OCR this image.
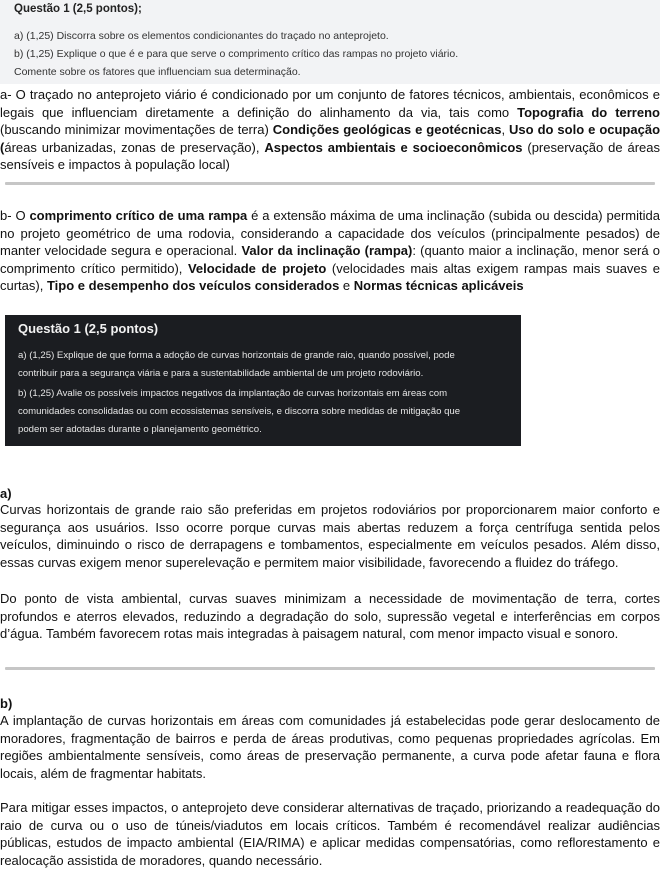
Questão 1 (2,5 pontos);
a) (1,25) Discorra sobre os elementos condicionantes do traçado no anteprojeto.
b) (1,25) Explique o que é e para que serve o comprimento crítico das rampas no projeto viário.
Comente sobre os fatores que influenciam sua determinação.
a- O traçado no anteprojeto viário é condicionado por um conjunto de fatores técnicos, ambientais, econômicos e legais que influenciam diretamente a definição do alinhamento da via, tais como Topografia do terreno (buscando minimizar movimentações de terra) Condições geológicas e geotécnicas, Uso do solo e ocupação (áreas urbanizadas, zonas de preservação), Aspectos ambientais e socioeconômicos (preservação de áreas sensíveis e impactos à população local)
b- O comprimento crítico de uma rampa é a extensão máxima de uma inclinação (subida ou descida) permitida no projeto geométrico de uma rodovia, considerando a capacidade dos veículos (principalmente pesados) de manter velocidade segura e operacional. Valor da inclinação (rampa): (quanto maior a inclinação, menor será o comprimento crítico permitido), Velocidade de projeto (velocidades mais altas exigem rampas mais suaves e curtas), Tipo e desempenho dos veículos considerados e Normas técnicas aplicáveis
Questão 1 (2,5 pontos)
a) (1,25) Explique de que forma a adoção de curvas horizontais de grande raio, quando possível, pode
contribuir para a segurança viária e para a sustentabilidade ambiental de um projeto rodoviário.
b) (1,25) Avalie os possíveis impactos negativos da implantação de curvas horizontais em áreas com
comunidades consolidadas ou com ecossistemas sensíveis, e discorra sobre medidas de mitigação que
podem ser adotadas durante o planejamento geométrico.
a)
Curvas horizontais de grande raio são preferidas em projetos rodoviários por proporcionarem maior conforto e segurança aos usuários. Isso ocorre porque curvas mais abertas reduzem a força centrífuga sentida pelos veículos, diminuindo o risco de derrapagens e tombamentos, especialmente em veículos pesados. Além disso, essas curvas exigem menor superelevação e permitem maior visibilidade, favorecendo a fluidez do tráfego.
Do ponto de vista ambiental, curvas suaves minimizam a necessidade de movimentação de terra, cortes profundos e aterros elevados, reduzindo a degradação do solo, supressão vegetal e interferências em corpos d’água. Também favorecem rotas mais integradas à paisagem natural, com menor impacto visual e sonoro.
b)
A implantação de curvas horizontais em áreas com comunidades já estabelecidas pode gerar deslocamento de moradores, fragmentação de bairros e perda de áreas produtivas, como pequenas propriedades agrícolas. Em regiões ambientalmente sensíveis, como áreas de preservação permanente, a curva pode afetar fauna e flora locais, além de fragmentar habitats.
Para mitigar esses impactos, o anteprojeto deve considerar alternativas de traçado, priorizando a readequação do raio de curva ou o uso de túneis/viadutos em locais críticos. Também é recomendável realizar audiências públicas, estudos de impacto ambiental (EIA/RIMA) e aplicar medidas compensatórias, como reflorestamento e realocação assistida de moradores, quando necessário.
